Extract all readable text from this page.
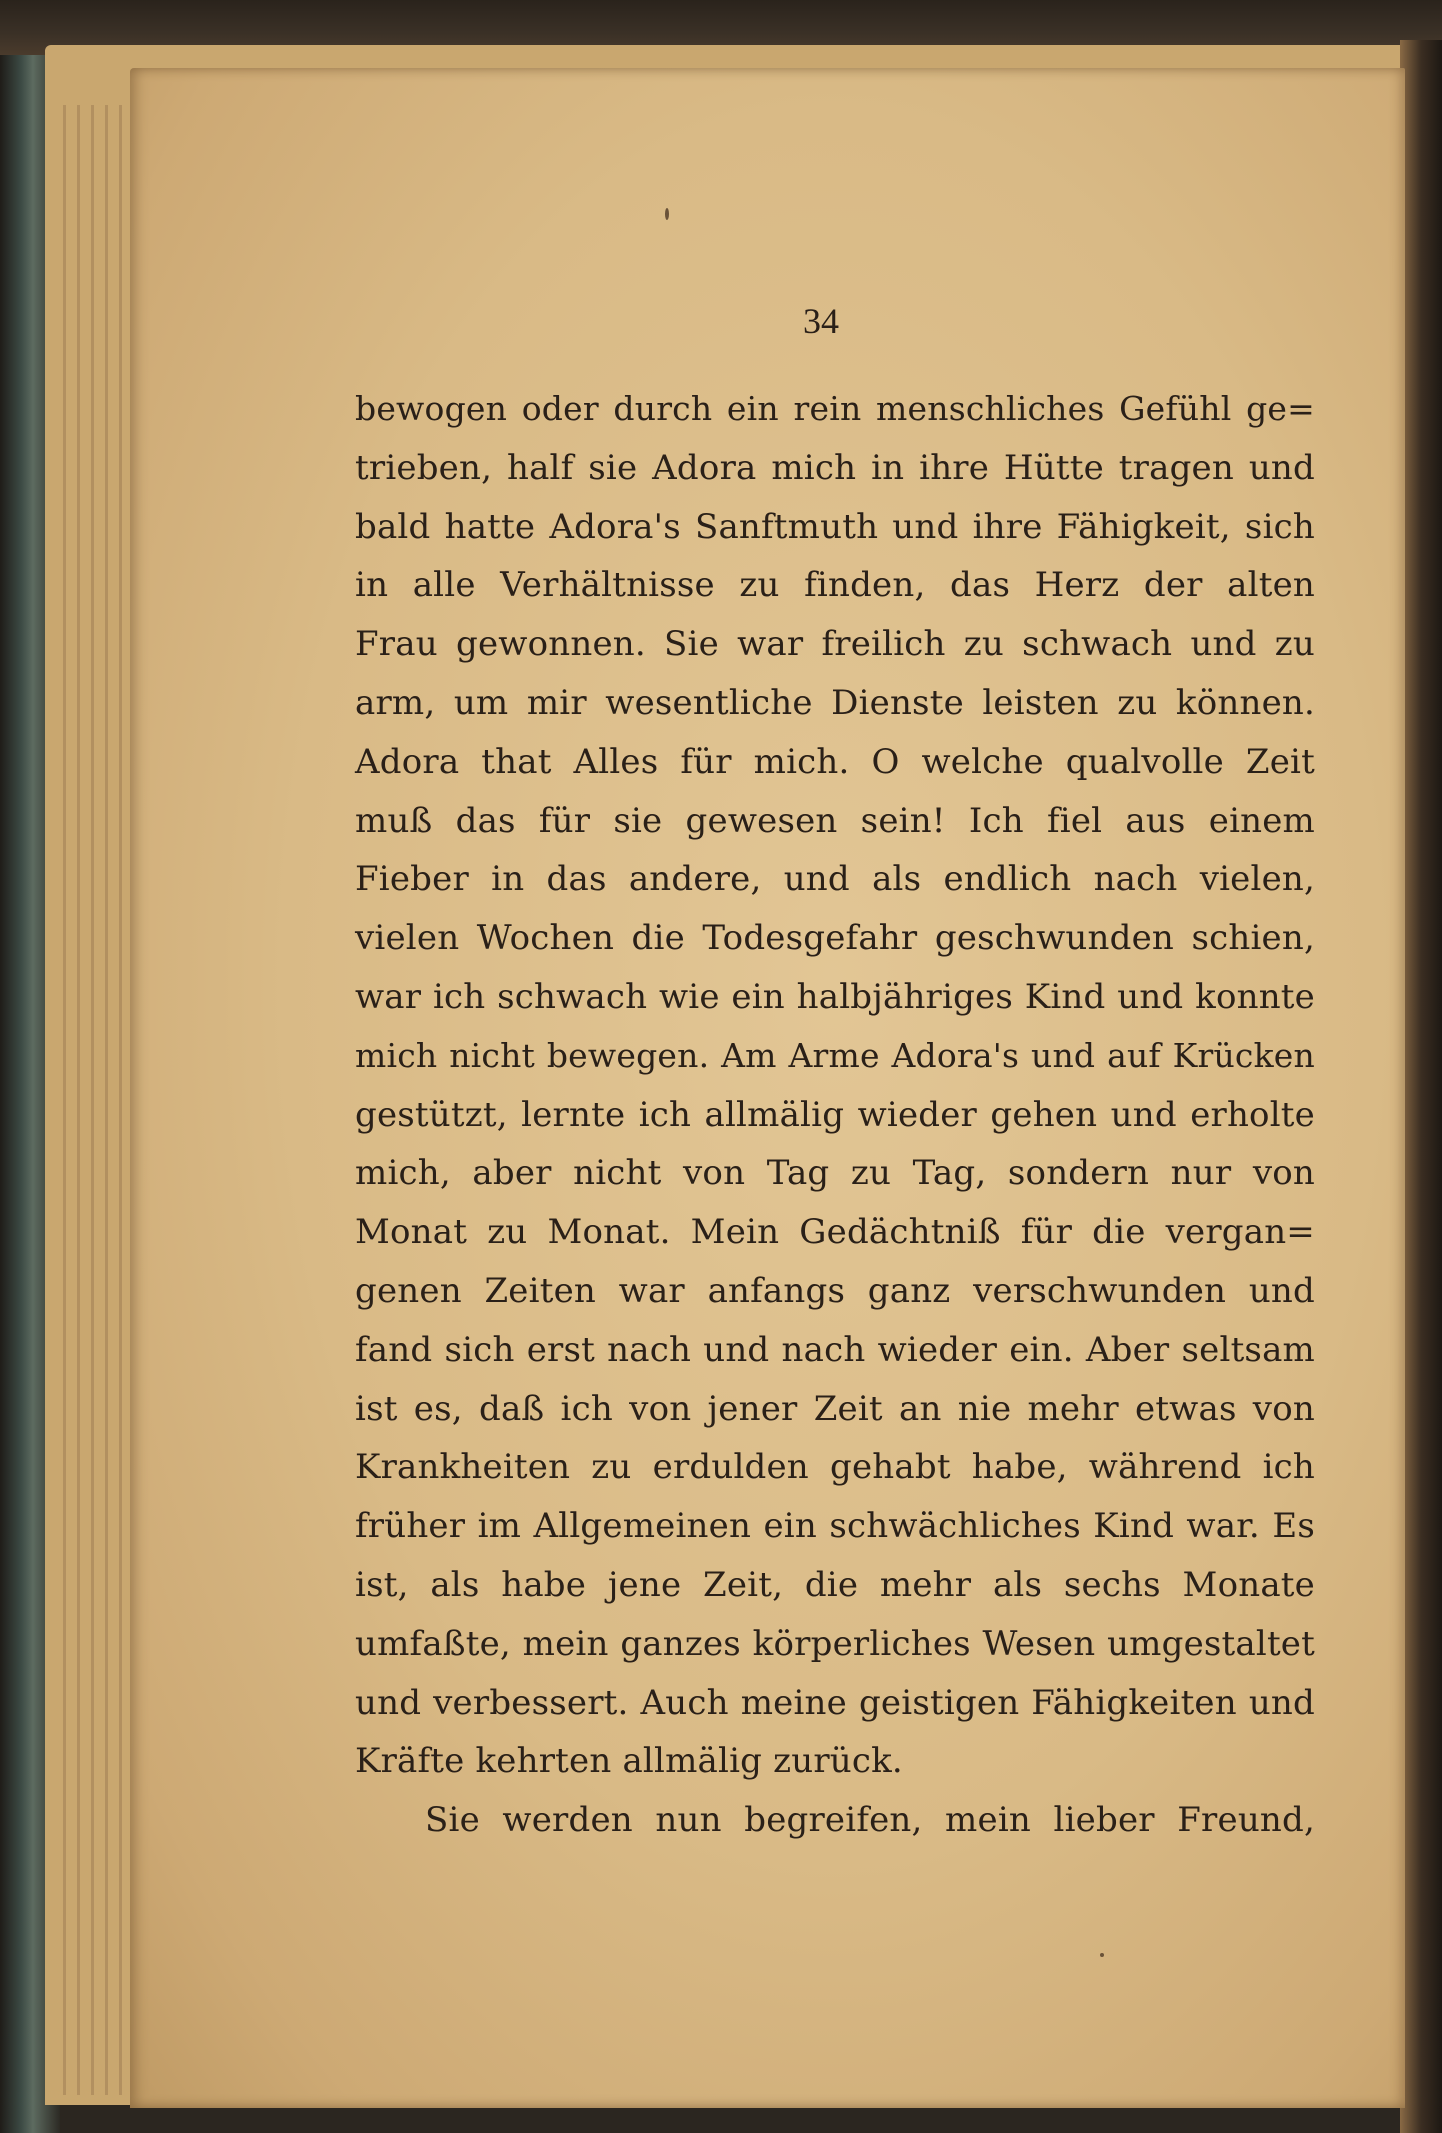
34
bewogen oder durch ein rein menschliches Gefühl ge=
trieben, half sie Adora mich in ihre Hütte tragen und
bald hatte Adora's Sanftmuth und ihre Fähigkeit, sich
in alle Verhältnisse zu finden, das Herz der alten
Frau gewonnen. Sie war freilich zu schwach und zu
arm, um mir wesentliche Dienste leisten zu können.
Adora that Alles für mich. O welche qualvolle Zeit
muß das für sie gewesen sein! Ich fiel aus einem
Fieber in das andere, und als endlich nach vielen,
vielen Wochen die Todesgefahr geschwunden schien,
war ich schwach wie ein halbjähriges Kind und konnte
mich nicht bewegen. Am Arme Adora's und auf Krücken
gestützt, lernte ich allmälig wieder gehen und erholte
mich, aber nicht von Tag zu Tag, sondern nur von
Monat zu Monat. Mein Gedächtniß für die vergan=
genen Zeiten war anfangs ganz verschwunden und
fand sich erst nach und nach wieder ein. Aber seltsam
ist es, daß ich von jener Zeit an nie mehr etwas von
Krankheiten zu erdulden gehabt habe, während ich
früher im Allgemeinen ein schwächliches Kind war. Es
ist, als habe jene Zeit, die mehr als sechs Monate
umfaßte, mein ganzes körperliches Wesen umgestaltet
und verbessert. Auch meine geistigen Fähigkeiten und
Kräfte kehrten allmälig zurück.
Sie werden nun begreifen, mein lieber Freund,
